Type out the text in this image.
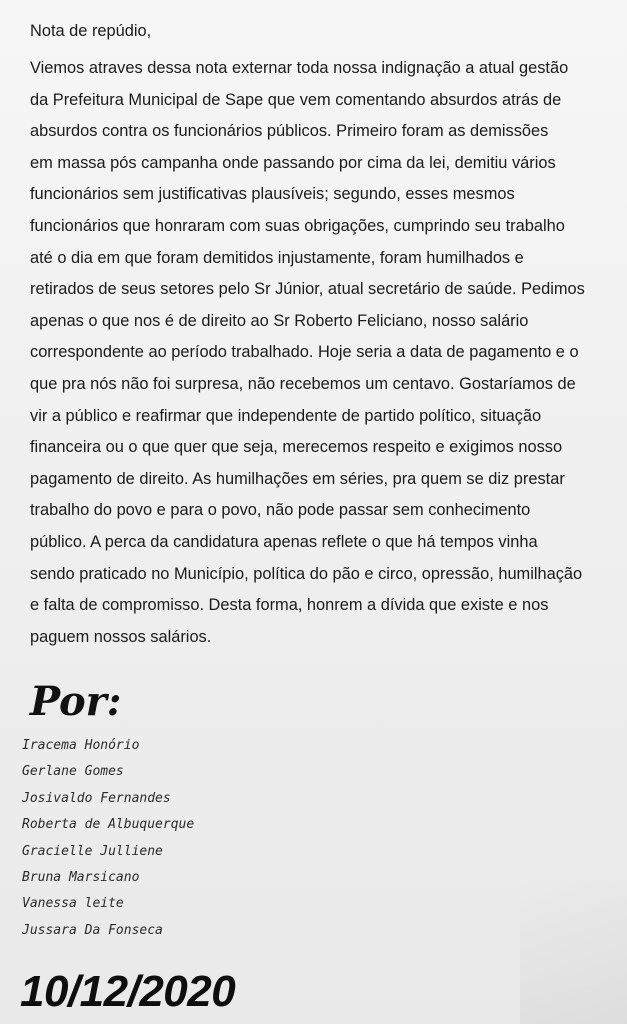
Nota de repúdio,

Viemos atraves dessa nota externar toda nossa indignação a atual gestão
da Prefeitura Municipal de Sape que vem comentando absurdos atrás de
absurdos contra os funcionários públicos. Primeiro foram as demissões
em massa pós campanha onde passando por cima da lei, demitiu vários
funcionários sem justificativas plausíveis; segundo, esses mesmos
funcionários que honraram com suas obrigações, cumprindo seu trabalho
até o dia em que foram demitidos injustamente, foram humilhados e
retirados de seus setores pelo Sr Júnior, atual secretário de saúde. Pedimos
apenas o que nos é de direito ao Sr Roberto Feliciano, nosso salário
correspondente ao período trabalhado. Hoje seria a data de pagamento e o
que pra nós não foi surpresa, não recebemos um centavo. Gostaríamos de
vir a público e reafirmar que independente de partido político, situação
financeira ou o que quer que seja, merecemos respeito e exigimos nosso
pagamento de direito. As humilhações em séries, pra quem se diz prestar
trabalho do povo e para o povo, não pode passar sem conhecimento
público. A perca da candidatura apenas reflete o que há tempos vinha
sendo praticado no Município, política do pão e circo, opressão, humilhação
e falta de compromisso. Desta forma, honrem a dívida que existe e nos
paguem nossos salários.
Por:
Iracema Honório
Gerlane Gomes
Josivaldo Fernandes
Roberta de Albuquerque
Gracielle Julliene
Bruna Marsicano
Vanessa leite
Jussara Da Fonseca

10/12/2020
